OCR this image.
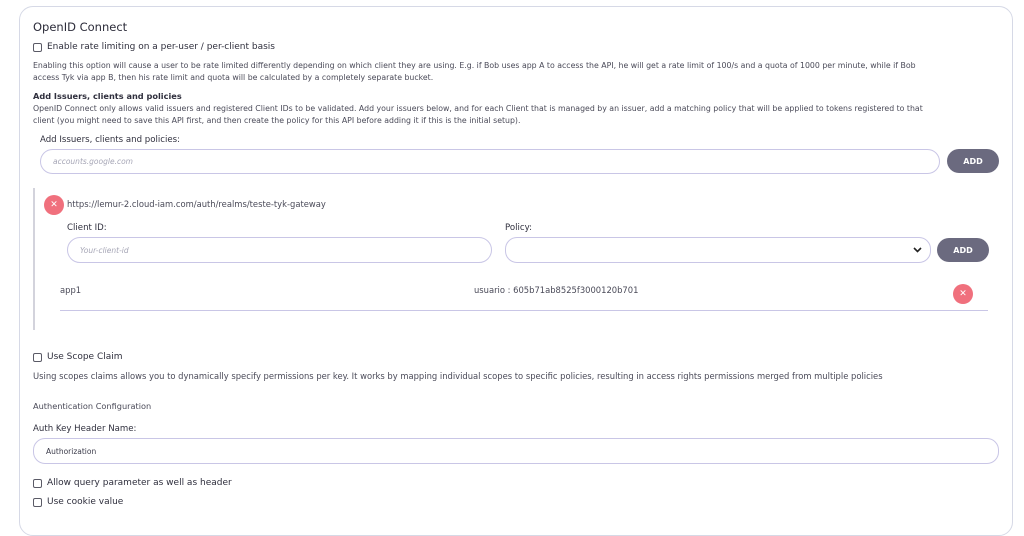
OpenID Connect
Enable rate limiting on a per-user / per-client basis
Enabling this option will cause a user to be rate limited differently depending on which client they are using. E.g. if Bob uses app A to access the API, he will get a rate limit of 100/s and a quota of 1000 per minute, while if Bob
access Tyk via app B, then his rate limit and quota will be calculated by a completely separate bucket.
Add Issuers, clients and policies
OpenID Connect only allows valid issuers and registered Client IDs to be validated. Add your issuers below, and for each Client that is managed by an issuer, add a matching policy that will be applied to tokens registered to that
client (you might need to save this API first, and then create the policy for this API before adding it if this is the initial setup).
Add Issuers, clients and policies:
accounts.google.com	ADD
✕ https://lemur-2.cloud-iam.com/auth/realms/teste-tyk-gateway
Client ID:
Your-client-id
Policy:
ADD
app1	usuario : 605b71ab8525f3000120b701	✕
Use Scope Claim
Using scopes claims allows you to dynamically specify permissions per key. It works by mapping individual scopes to specific policies, resulting in access rights permissions merged from multiple policies
Authentication Configuration
Auth Key Header Name:
Authorization
Allow query parameter as well as header
Use cookie value
